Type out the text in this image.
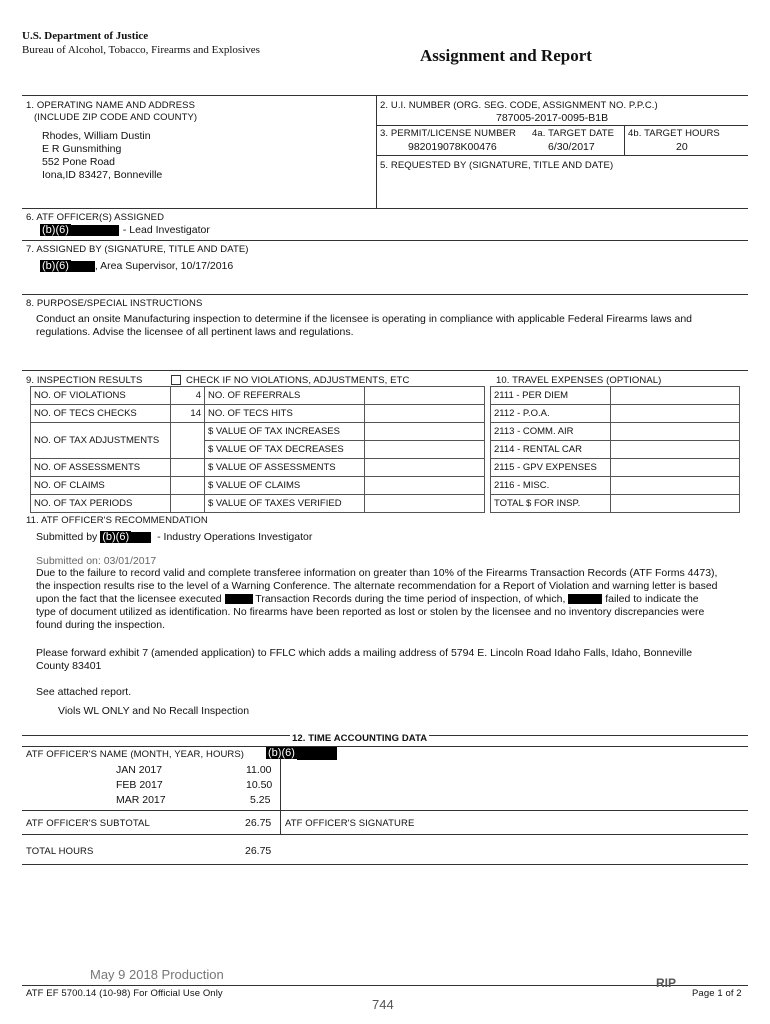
U.S. Department of Justice
Bureau of Alcohol, Tobacco, Firearms and Explosives	Assignment and Report
1. OPERATING NAME AND ADDRESS
(INCLUDE ZIP CODE AND COUNTY)
Rhodes, William Dustin
E R Gunsmithing
552 Pone Road
Iona,ID 83427, Bonneville
2. U.I. NUMBER (ORG. SEG. CODE, ASSIGNMENT NO. P.P.C.)
787005-2017-0095-B1B
3. PERMIT/LICENSE NUMBER
982019078K00476
4a. TARGET DATE
6/30/2017
4b. TARGET HOURS
20
5. REQUESTED BY (SIGNATURE, TITLE AND DATE)
6. ATF OFFICER(S) ASSIGNED
(b)(6)	- Lead Investigator
7. ASSIGNED BY (SIGNATURE, TITLE AND DATE)
(b)(6) , Area Supervisor, 10/17/2016
8. PURPOSE/SPECIAL INSTRUCTIONS
Conduct an onsite Manufacturing inspection to determine if the licensee is operating in compliance with applicable Federal Firearms laws and regulations. Advise the licensee of all pertinent laws and regulations.
9. INSPECTION RESULTS	CHECK IF NO VIOLATIONS, ADJUSTMENTS, ETC
NO. OF VIOLATIONS	4	NO. OF REFERRALS	
NO. OF TECS CHECKS	14	NO. OF TECS HITS	
NO. OF TAX ADJUSTMENTS		$ VALUE OF TAX INCREASES	
		$ VALUE OF TAX DECREASES	
NO. OF ASSESSMENTS		$ VALUE OF ASSESSMENTS	
NO. OF CLAIMS		$ VALUE OF CLAIMS	
NO. OF TAX PERIODS		$ VALUE OF TAXES VERIFIED	
10. TRAVEL EXPENSES (OPTIONAL)
2111 - PER DIEM	
2112 - P.O.A.	
2113 - COMM. AIR	
2114 - RENTAL CAR	
2115 - GPV EXPENSES	
2116 - MISC.	
TOTAL $ FOR INSP.	
11. ATF OFFICER'S RECOMMENDATION
Submitted by (b)(6)	- Industry Operations Investigator
Submitted on: 03/01/2017
Due to the failure to record valid and complete transferee information on greater than 10% of the Firearms Transaction Records (ATF Forms 4473), the inspection results rise to the level of a Warning Conference. The alternate recommendation for a Report of Violation and warning letter is based upon the fact that the licensee executed	Transaction Records during the time period of inspection, of which,	failed to indicate the type of document utilized as identification. No firearms have been reported as lost or stolen by the licensee and no inventory discrepancies were found during the inspection.
Please forward exhibit 7 (amended application) to FFLC which adds a mailing address of 5794 E. Lincoln Road Idaho Falls, Idaho, Bonneville County 83401
See attached report.
Viols WL ONLY and No Recall Inspection
12. TIME ACCOUNTING DATA
ATF OFFICER'S NAME (MONTH, YEAR, HOURS) (b)(6)
JAN 2017	11.00
FEB 2017	10.50
MAR 2017	5.25
ATF OFFICER'S SUBTOTAL	26.75 ATF OFFICER'S SIGNATURE
TOTAL HOURS	26.75
May 9 2018 Production
ATF EF 5700.14 (10-98) For Official Use Only
744
RIP
Page 1 of 2
